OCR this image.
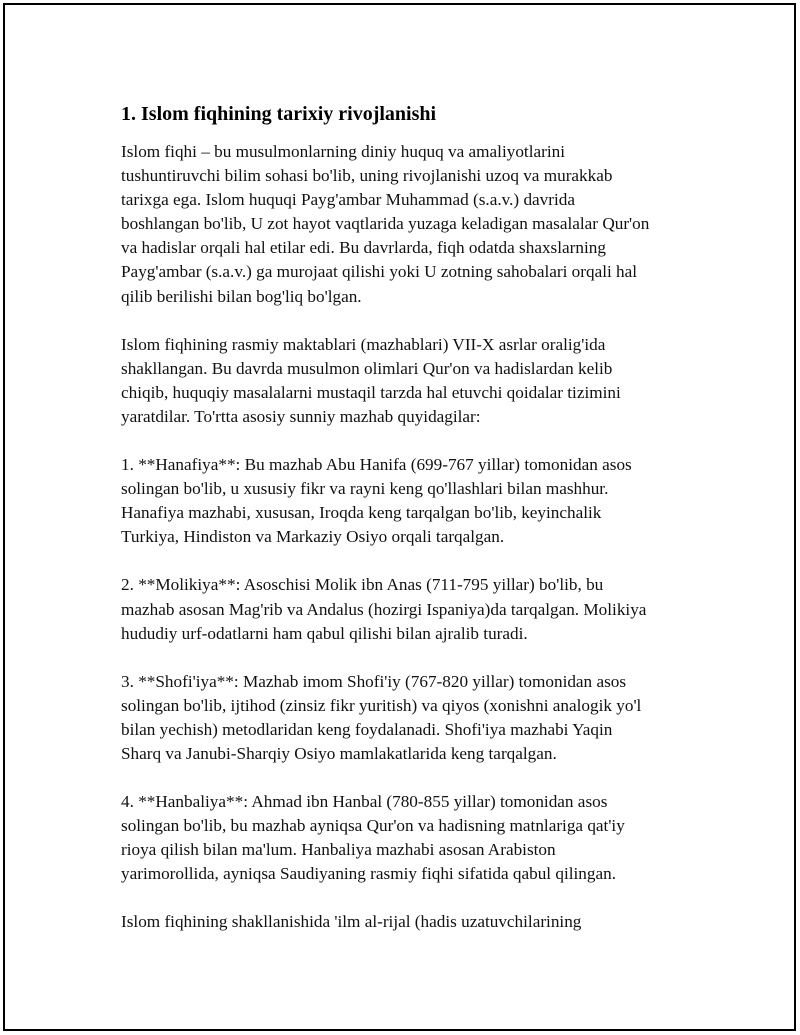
1. Islom fiqhining tarixiy rivojlanishi
Islom fiqhi – bu musulmonlarning diniy huquq va amaliyotlarini
tushuntiruvchi bilim sohasi bo'lib, uning rivojlanishi uzoq va murakkab
tarixga ega. Islom huquqi Payg'ambar Muhammad (s.a.v.) davrida
boshlangan bo'lib, U zot hayot vaqtlarida yuzaga keladigan masalalar Qur'on
va hadislar orqali hal etilar edi. Bu davrlarda, fiqh odatda shaxslarning
Payg'ambar (s.a.v.) ga murojaat qilishi yoki U zotning sahobalari orqali hal
qilib berilishi bilan bog'liq bo'lgan.
Islom fiqhining rasmiy maktablari (mazhablari) VII-X asrlar oralig'ida
shakllangan. Bu davrda musulmon olimlari Qur'on va hadislardan kelib
chiqib, huquqiy masalalarni mustaqil tarzda hal etuvchi qoidalar tizimini
yaratdilar. To'rtta asosiy sunniy mazhab quyidagilar:
1. **Hanafiya**: Bu mazhab Abu Hanifa (699-767 yillar) tomonidan asos
solingan bo'lib, u xususiy fikr va rayni keng qo'llashlari bilan mashhur.
Hanafiya mazhabi, xususan, Iroqda keng tarqalgan bo'lib, keyinchalik
Turkiya, Hindiston va Markaziy Osiyo orqali tarqalgan.
2. **Molikiya**: Asoschisi Molik ibn Anas (711-795 yillar) bo'lib, bu
mazhab asosan Mag'rib va Andalus (hozirgi Ispaniya)da tarqalgan. Molikiya
hududiy urf-odatlarni ham qabul qilishi bilan ajralib turadi.
3. **Shofi'iya**: Mazhab imom Shofi'iy (767-820 yillar) tomonidan asos
solingan bo'lib, ijtihod (zinsiz fikr yuritish) va qiyos (xonishni analogik yo'l
bilan yechish) metodlaridan keng foydalanadi. Shofi'iya mazhabi Yaqin
Sharq va Janubi-Sharqiy Osiyo mamlakatlarida keng tarqalgan.
4. **Hanbaliya**: Ahmad ibn Hanbal (780-855 yillar) tomonidan asos
solingan bo'lib, bu mazhab ayniqsa Qur'on va hadisning matnlariga qat'iy
rioya qilish bilan ma'lum. Hanbaliya mazhabi asosan Arabiston
yarimorollida, ayniqsa Saudiyaning rasmiy fiqhi sifatida qabul qilingan.
Islom fiqhining shakllanishida 'ilm al-rijal (hadis uzatuvchilarining
